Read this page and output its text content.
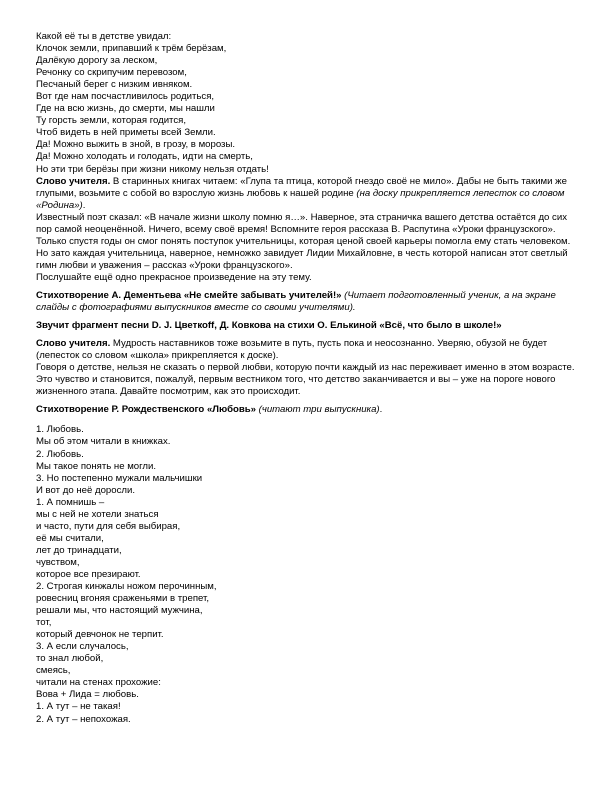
Какой её ты в детстве увидал:
Клочок земли, припавший к трём берёзам,
Далёкую дорогу за леском,
Речонку со скрипучим перевозом,
Песчаный берег с низким ивняком.
Вот где нам посчастливилось родиться,
Где на всю жизнь, до смерти, мы нашли
Ту горсть земли, которая годится,
Чтоб видеть в ней приметы всей Земли.
Да! Можно выжить в зной, в грозу, в морозы.
Да! Можно холодать и голодать, идти на смерть,
Но эти три берёзы при жизни никому нельзя отдать!
Слово учителя. В старинных книгах читаем: «Глупа та птица, которой гнездо своё не мило». Дабы не быть такими же глупыми, возьмите с собой во взрослую жизнь любовь к нашей родине (на доску прикрепляется лепесток со словом «Родина»).
Известный поэт сказал: «В начале жизни школу помню я…». Наверное, эта страничка вашего детства остаётся до сих пор самой неоценённой. Ничего, всему своё время! Вспомните героя рассказа В. Распутина «Уроки французского». Только спустя годы он смог понять поступок учительницы, которая ценой своей карьеры помогла ему стать человеком. Но зато каждая учительница, наверное, немножко завидует Лидии Михайловне, в честь которой написан этот светлый гимн любви и уважения – рассказ «Уроки французского».
Послушайте ещё одно прекрасное произведение на эту тему.
Стихотворение А. Дементьева «Не смейте забывать учителей!» (Читает подготовленный ученик, а на экране слайды с фотографиями выпускников вместе со своими учителями).
Звучит фрагмент песни D. J. Цветкоff, Д. Ковкова на стихи О. Елькиной «Всё, что было в школе!»
Слово учителя. Мудрость наставников тоже возьмите в путь, пусть пока и неосознанно. Уверяю, обузой не будет (лепесток со словом «школа» прикрепляется к доске).
Говоря о детстве, нельзя не сказать о первой любви, которую почти каждый из нас переживает именно в этом возрасте. Это чувство и становится, пожалуй, первым вестником того, что детство заканчивается и вы – уже на пороге нового жизненного этапа. Давайте посмотрим, как это происходит.
Стихотворение Р. Рождественского «Любовь» (читают три выпускника).
1. Любовь.
Мы об этом читали в книжках.
2. Любовь.
Мы такое понять не могли.
3. Но постепенно мужали мальчишки
И вот до неё доросли.
1. А помнишь –
мы с ней не хотели знаться
и часто, пути для себя выбирая,
её мы считали,
лет до тринадцати,
чувством,
которое все презирают.
2. Строгая кинжалы ножом перочинным,
ровесниц вгоняя сраженьями в трепет,
решали мы, что настоящий мужчина,
тот,
который девчонок не терпит.
3. А если случалось,
то знал любой,
смеясь,
читали на стенах прохожие:
Вова + Лида = любовь.
1. А тут – не такая!
2. А тут – непохожая.
